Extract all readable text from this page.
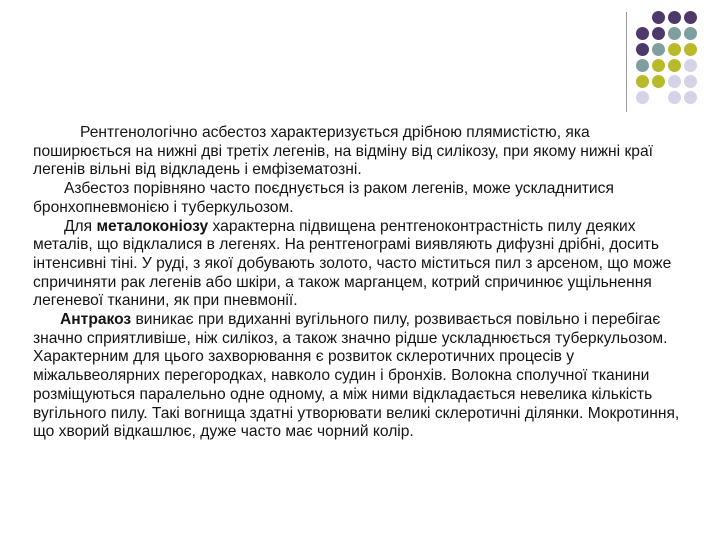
Рентгенологічно асбестоз характеризується дрібною плямистістю, яка поширюється на нижні дві третіх легенів, на відміну від силікозу, при якому нижні краї легенів вільні від відкладень і емфізематозні.

Азбестоз порівняно часто поєднується із раком легенів, може ускладнитися бронхопневмонією і туберкульозом.

Для металоконіозу характерна підвищена рентгеноконтрастність пилу деяких металів, що відклалися в легенях. На рентгенограмі виявляють дифузні дрібні, досить інтенсивні тіні. У руді, з якої добувають золото, часто міститься пил з арсеном, що може спричиняти рак легенів або шкіри, а також марганцем, котрий спричинює ущільнення легеневої тканини, як при пневмонії.

Антракоз виникає при вдиханні вугільного пилу, розвивається повільно і перебігає значно сприятливіше, ніж силікоз, а також значно рідше ускладнюється туберкульозом. Характерним для цього захворювання є розвиток склеротичних процесів у міжальвеолярних перегородках, навколо судин і бронхів. Волокна сполучної тканини розміщуються паралельно одне одному, а між ними відкладається невелика кількість вугільного пилу. Такі вогнища здатні утворювати великі склеротичні ділянки. Мокротиння, що хворий відкашлює, дуже часто має чорний колір.
